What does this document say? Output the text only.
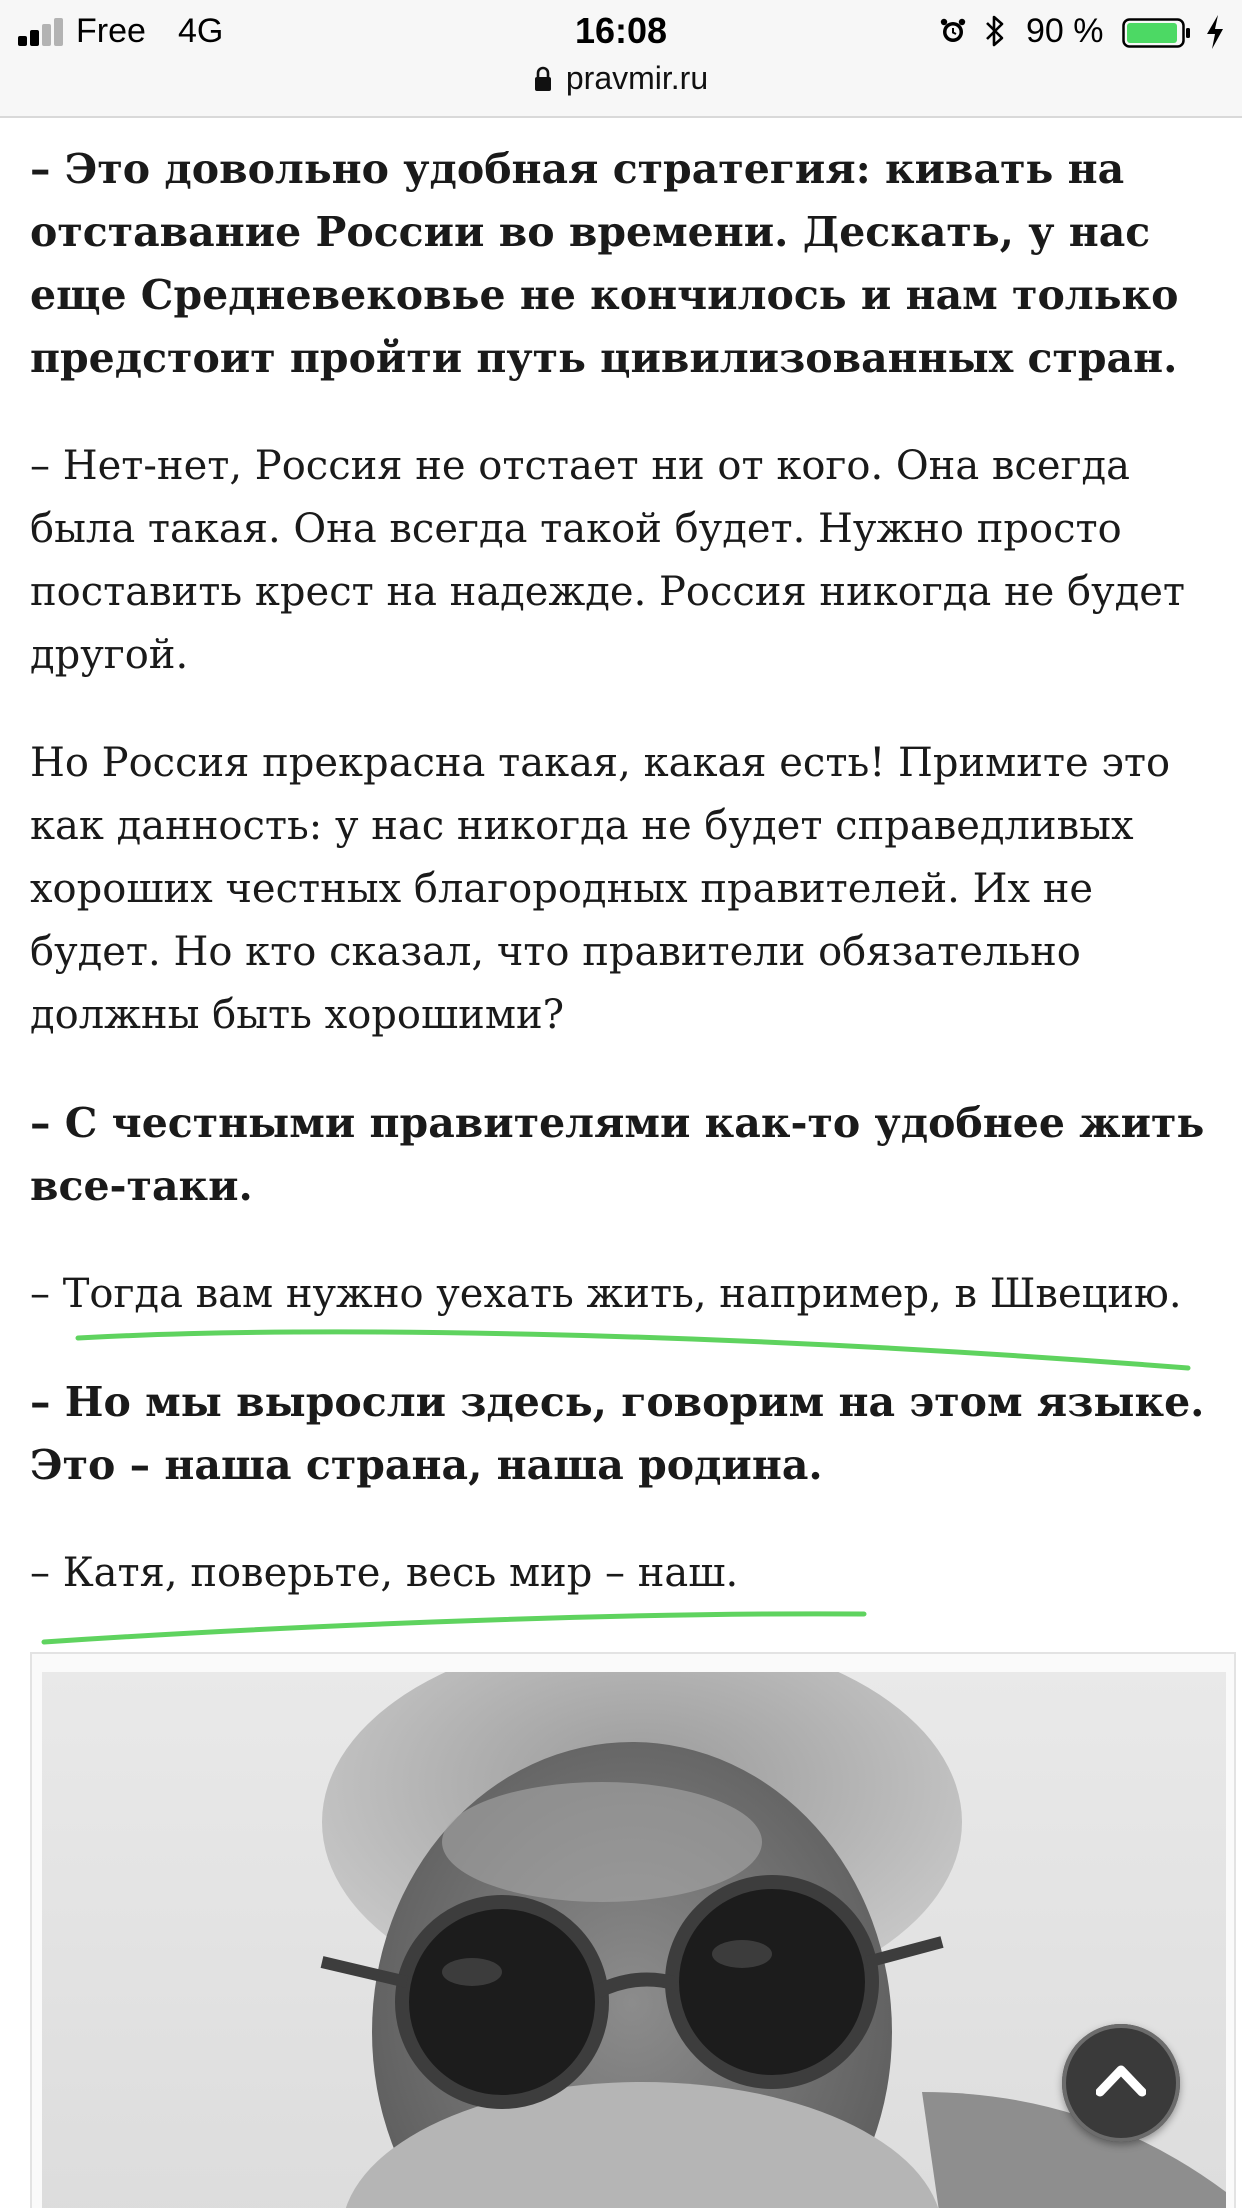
Free 4G	16:08	90 %
pravmir.ru

– Это довольно удобная стратегия: кивать на отставание России во времени. Дескать, у нас еще Средневековье не кончилось и нам только предстоит пройти путь цивилизованных стран.

– Нет-нет, Россия не отстает ни от кого. Она всегда была такая. Она всегда такой будет. Нужно просто поставить крест на надежде. Россия никогда не будет другой.

Но Россия прекрасна такая, какая есть! Примите это как данность: у нас никогда не будет справедливых хороших честных благородных правителей. Их не будет. Но кто сказал, что правители обязательно должны быть хорошими?

– С честными правителями как-то удобнее жить все-таки.

– Тогда вам нужно уехать жить, например, в Швецию.

– Но мы выросли здесь, говорим на этом языке. Это – наша страна, наша родина.

– Катя, поверьте, весь мир – наш.
